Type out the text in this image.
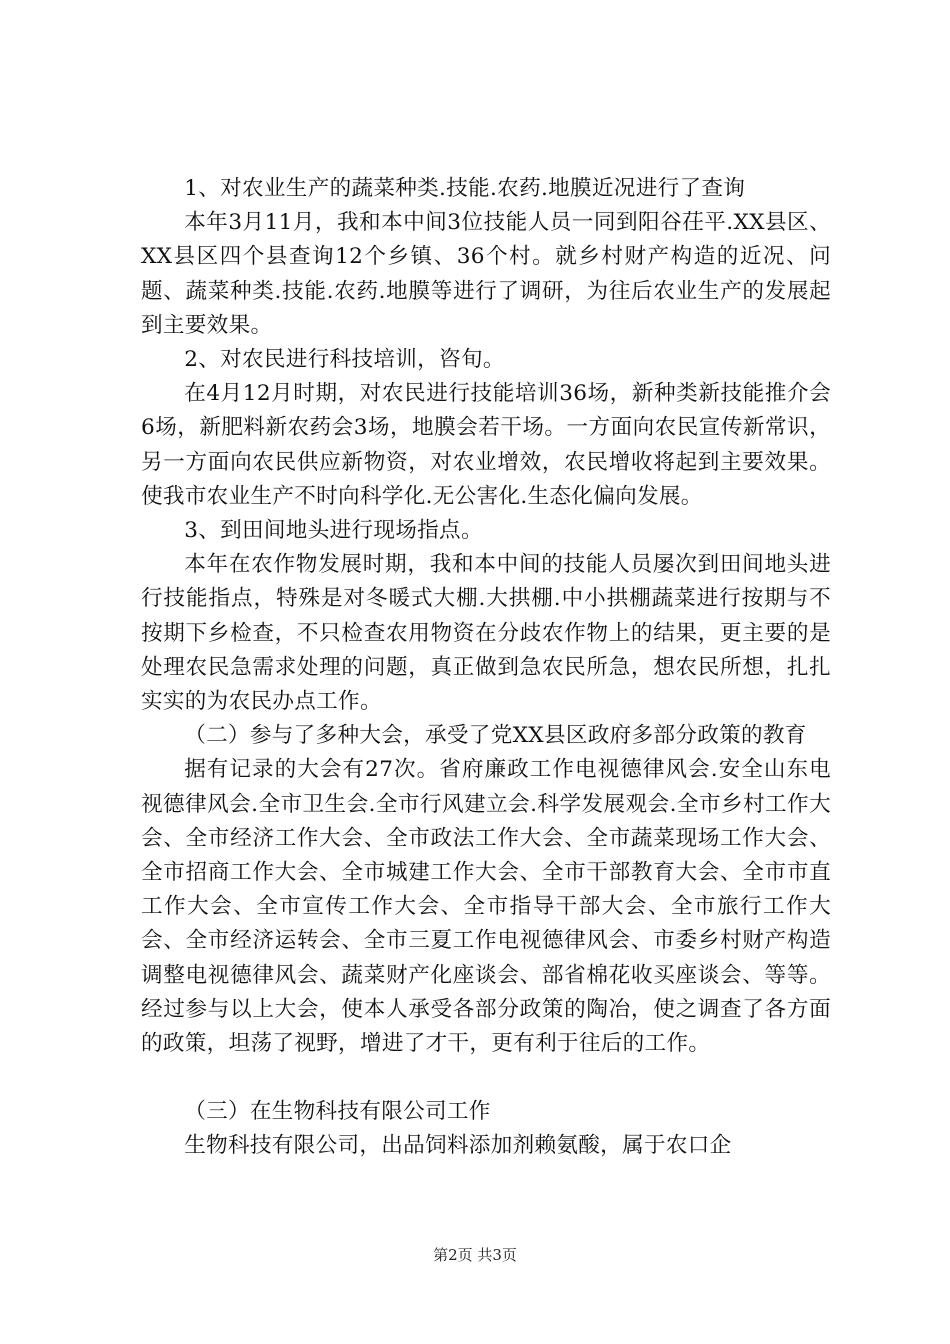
1、对农业生产的蔬菜种类.技能.农药.地膜近况进行了查询

本年3月11月，我和本中间3位技能人员一同到阳谷茌平.XX县区、XX县区四个县查询12个乡镇、36个村。就乡村财产构造的近况、问题、蔬菜种类.技能.农药.地膜等进行了调研，为往后农业生产的发展起到主要效果。

2、对农民进行科技培训，咨旬。

在4月12月时期，对农民进行技能培训36场，新种类新技能推介会6场，新肥料新农药会3场，地膜会若干场。一方面向农民宣传新常识，另一方面向农民供应新物资，对农业增效，农民增收将起到主要效果。使我市农业生产不时向科学化.无公害化.生态化偏向发展。

3、到田间地头进行现场指点。

本年在农作物发展时期，我和本中间的技能人员屡次到田间地头进行技能指点，特殊是对冬暖式大棚.大拱棚.中小拱棚蔬菜进行按期与不按期下乡检查，不只检查农用物资在分歧农作物上的结果，更主要的是处理农民急需求处理的问题，真正做到急农民所急，想农民所想，扎扎实实的为农民办点工作。

（二）参与了多种大会，承受了党XX县区政府多部分政策的教育

据有记录的大会有27次。省府廉政工作电视德律风会.安全山东电视德律风会.全市卫生会.全市行风建立会.科学发展观会.全市乡村工作大会、全市经济工作大会、全市政法工作大会、全市蔬菜现场工作大会、全市招商工作大会、全市城建工作大会、全市干部教育大会、全市市直工作大会、全市宣传工作大会、全市指导干部大会、全市旅行工作大会、全市经济运转会、全市三夏工作电视德律风会、市委乡村财产构造调整电视德律风会、蔬菜财产化座谈会、部省棉花收买座谈会、等等。经过参与以上大会，使本人承受各部分政策的陶冶，使之调查了各方面的政策，坦荡了视野，增进了才干，更有利于往后的工作。

（三）在生物科技有限公司工作

生物科技有限公司，出品饲料添加剂赖氨酸，属于农口企

第2页 共3页
